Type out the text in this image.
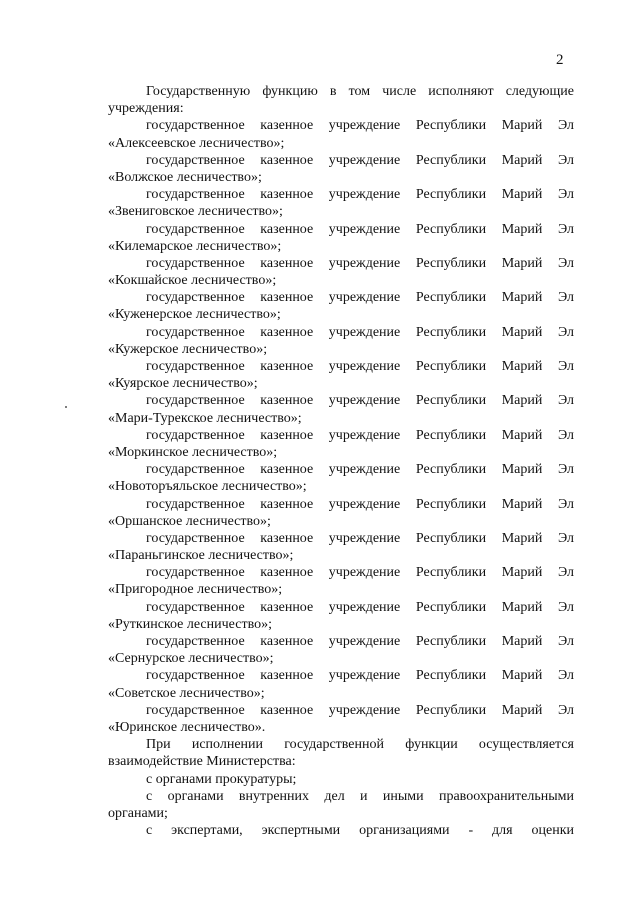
2
Государственную функцию в том числе исполняют следующие
учреждения:
государственное казенное учреждение Республики Марий Эл
«Алексеевское лесничество»;
государственное казенное учреждение Республики Марий Эл
«Волжское лесничество»;
государственное казенное учреждение Республики Марий Эл
«Звениговское лесничество»;
государственное казенное учреждение Республики Марий Эл
«Килемарское лесничество»;
государственное казенное учреждение Республики Марий Эл
«Кокшайское лесничество»;
государственное казенное учреждение Республики Марий Эл
«Куженерское лесничество»;
государственное казенное учреждение Республики Марий Эл
«Кужерское лесничество»;
государственное казенное учреждение Республики Марий Эл
«Куярское лесничество»;
государственное казенное учреждение Республики Марий Эл
«Мари-Турекское лесничество»;
государственное казенное учреждение Республики Марий Эл
«Моркинское лесничество»;
государственное казенное учреждение Республики Марий Эл
«Новоторъяльское лесничество»;
государственное казенное учреждение Республики Марий Эл
«Оршанское лесничество»;
государственное казенное учреждение Республики Марий Эл
«Параньгинское лесничество»;
государственное казенное учреждение Республики Марий Эл
«Пригородное лесничество»;
государственное казенное учреждение Республики Марий Эл
«Руткинское лесничество»;
государственное казенное учреждение Республики Марий Эл
«Сернурское лесничество»;
государственное казенное учреждение Республики Марий Эл
«Советское лесничество»;
государственное казенное учреждение Республики Марий Эл
«Юринское лесничество».
При исполнении государственной функции осуществляется
взаимодействие Министерства:
с органами прокуратуры;
с органами внутренних дел и иными правоохранительными
органами;
с экспертами, экспертными организациями - для оценки
